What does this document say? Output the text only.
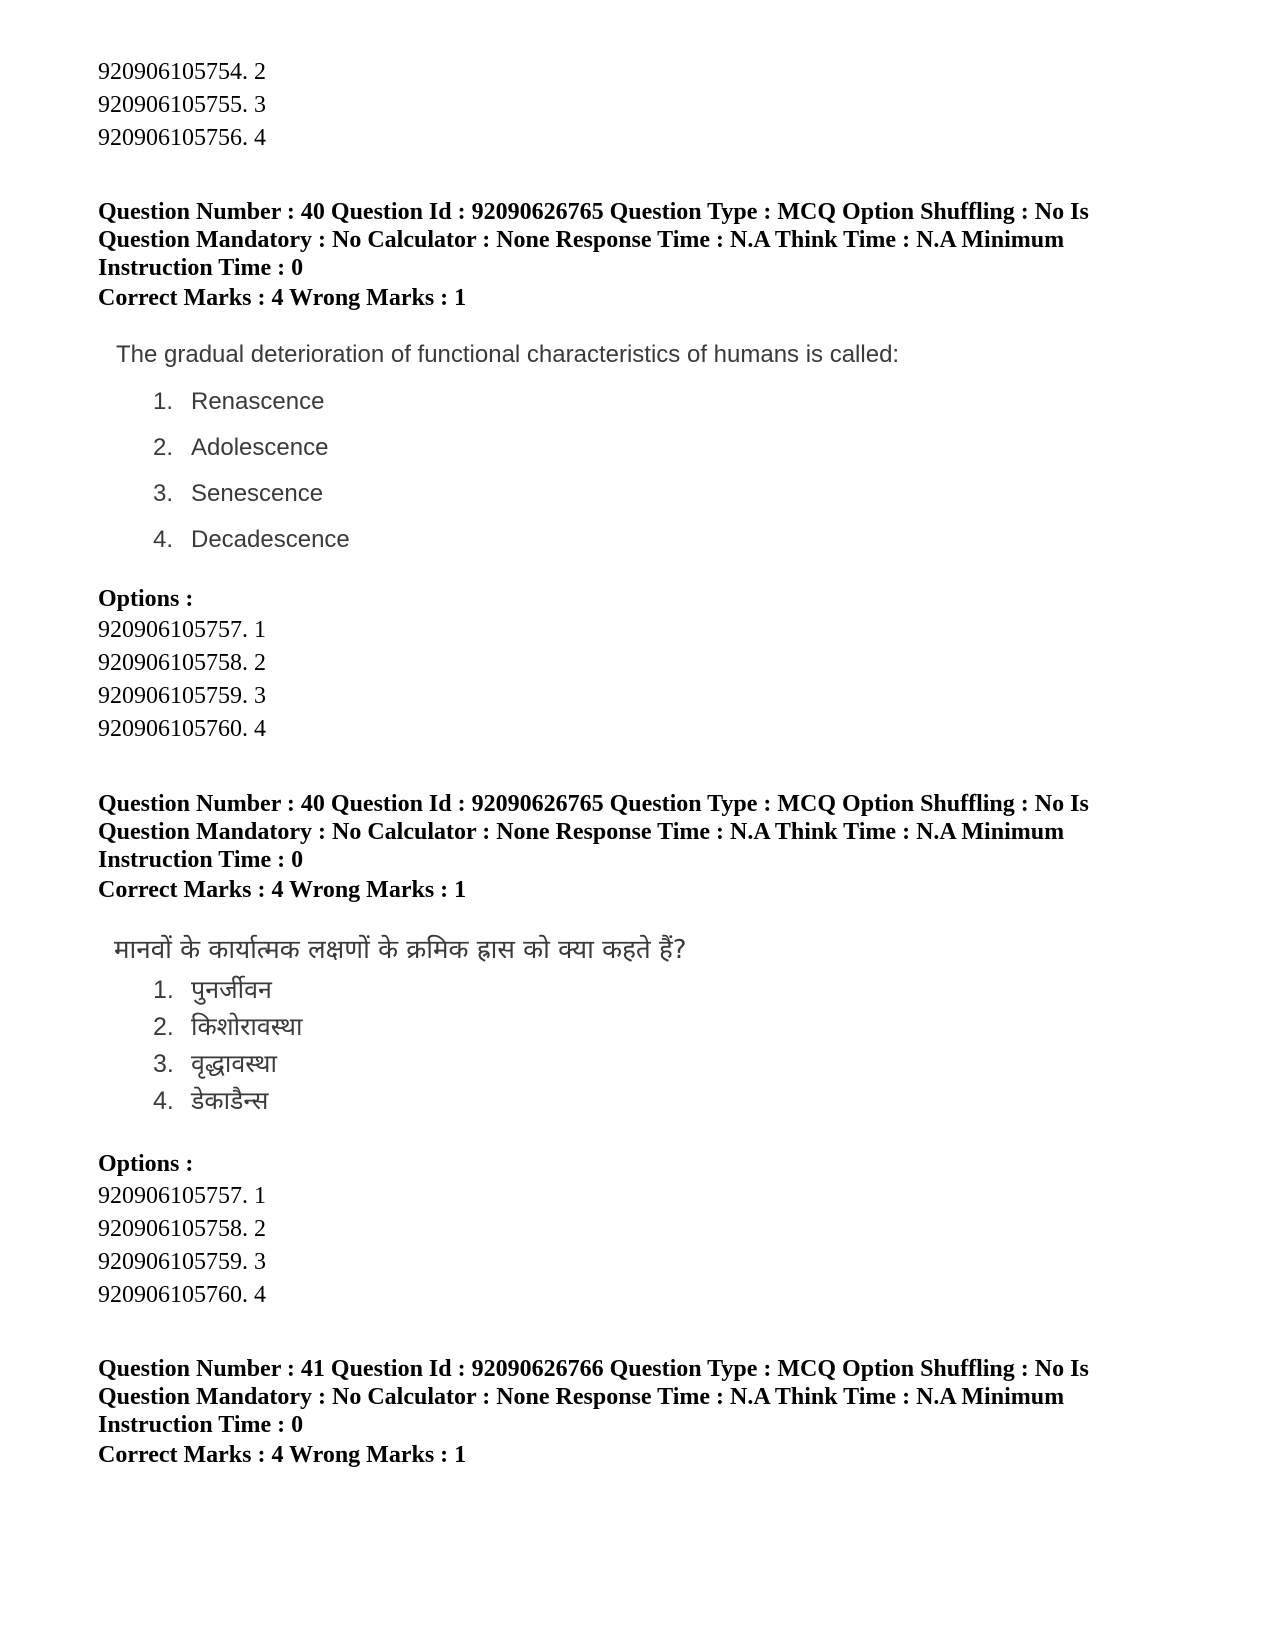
920906105754. 2
920906105755. 3
920906105756. 4
Question Number : 40 Question Id : 92090626765 Question Type : MCQ Option Shuffling : No Is Question Mandatory : No Calculator : None Response Time : N.A Think Time : N.A Minimum Instruction Time : 0
Correct Marks : 4 Wrong Marks : 1
The gradual deterioration of functional characteristics of humans is called:
1. Renascence
2. Adolescence
3. Senescence
4. Decadescence
Options :
920906105757. 1
920906105758. 2
920906105759. 3
920906105760. 4
Question Number : 40 Question Id : 92090626765 Question Type : MCQ Option Shuffling : No Is Question Mandatory : No Calculator : None Response Time : N.A Think Time : N.A Minimum Instruction Time : 0
Correct Marks : 4 Wrong Marks : 1
मानवों के कार्यात्मक लक्षणों के क्रमिक ह्रास को क्या कहते हैं?
1. पुनर्जीवन
2. किशोरावस्था
3. वृद्धावस्था
4. डेकाडैन्स
Options :
920906105757. 1
920906105758. 2
920906105759. 3
920906105760. 4
Question Number : 41 Question Id : 92090626766 Question Type : MCQ Option Shuffling : No Is Question Mandatory : No Calculator : None Response Time : N.A Think Time : N.A Minimum Instruction Time : 0
Correct Marks : 4 Wrong Marks : 1
